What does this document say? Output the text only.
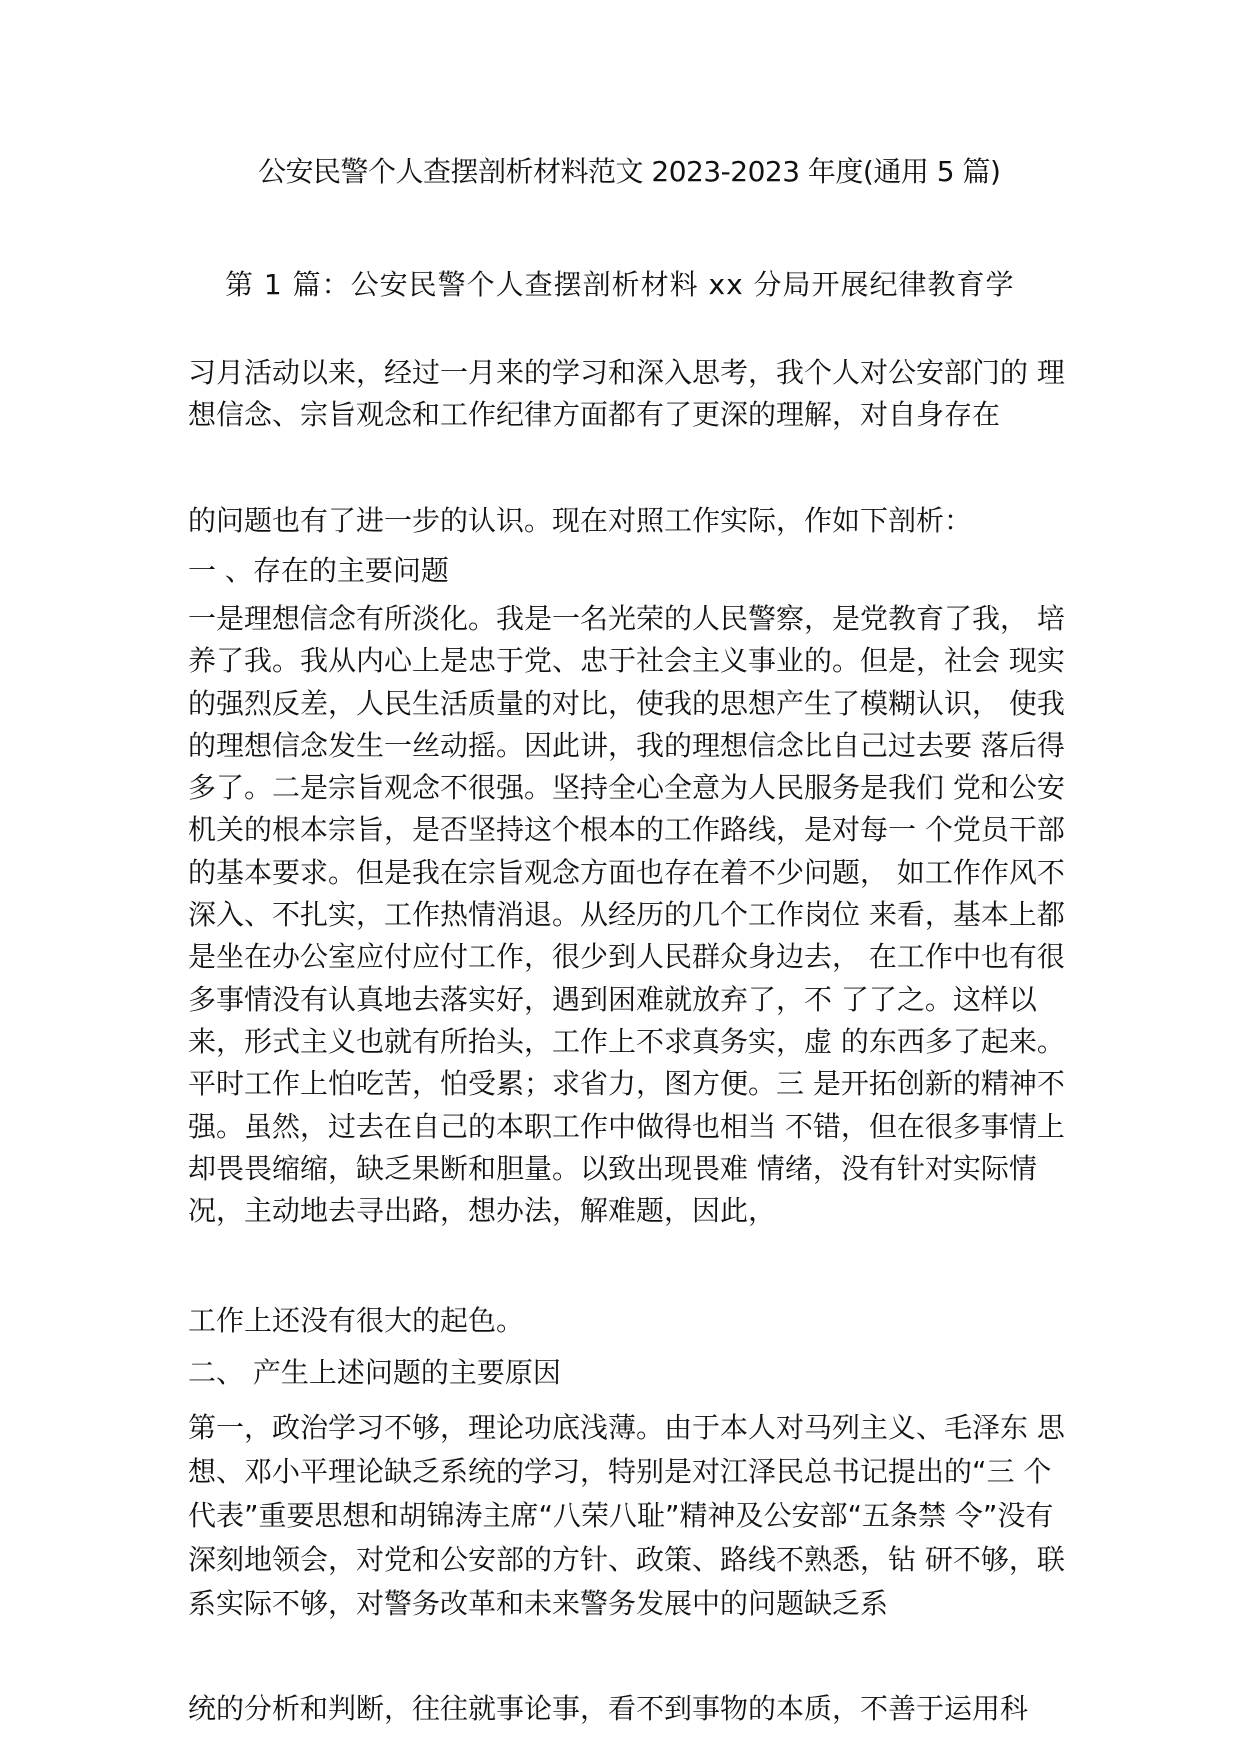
公安民警个人查摆剖析材料范文 2023-2023 年度(通用 5 篇)
第 1 篇：公安民警个人查摆剖析材料 xx 分局开展纪律教育学

习月活动以来，经过一月来的学习和深入思考，我个人对公安部门的 理想信念、宗旨观念和工作纪律方面都有了更深的理解，对自身存在

的问题也有了进一步的认识。现在对照工作实际，作如下剖析：

一 、存在的主要问题

一是理想信念有所淡化。我是一名光荣的人民警察，是党教育了我， 培养了我。我从内心上是忠于党、忠于社会主义事业的。但是，社会 现实的强烈反差，人民生活质量的对比，使我的思想产生了模糊认识， 使我的理想信念发生一丝动摇。因此讲，我的理想信念比自己过去要 落后得多了。二是宗旨观念不很强。坚持全心全意为人民服务是我们 党和公安机关的根本宗旨，是否坚持这个根本的工作路线，是对每一 个党员干部的基本要求。但是我在宗旨观念方面也存在着不少问题， 如工作作风不深入、不扎实，工作热情消退。从经历的几个工作岗位 来看，基本上都是坐在办公室应付应付工作，很少到人民群众身边去， 在工作中也有很多事情没有认真地去落实好，遇到困难就放弃了，不 了了之。这样以来，形式主义也就有所抬头，工作上不求真务实，虚 的东西多了起来。平时工作上怕吃苦，怕受累；求省力，图方便。三 是开拓创新的精神不强。虽然，过去在自己的本职工作中做得也相当 不错，但在很多事情上却畏畏缩缩，缺乏果断和胆量。以致出现畏难 情绪，没有针对实际情况，主动地去寻出路，想办法，解难题，因此，

工作上还没有很大的起色。

二、 产生上述问题的主要原因

第一，政治学习不够，理论功底浅薄。由于本人对马列主义、毛泽东 思想、邓小平理论缺乏系统的学习，特别是对江泽民总书记提出的“三 个代表”重要思想和胡锦涛主席“八荣八耻”精神及公安部“五条禁 令”没有深刻地领会，对党和公安部的方针、政策、路线不熟悉，钻 研不够，联系实际不够，对警务改革和未来警务发展中的问题缺乏系

统的分析和判断，往往就事论事，看不到事物的本质，不善于运用科
